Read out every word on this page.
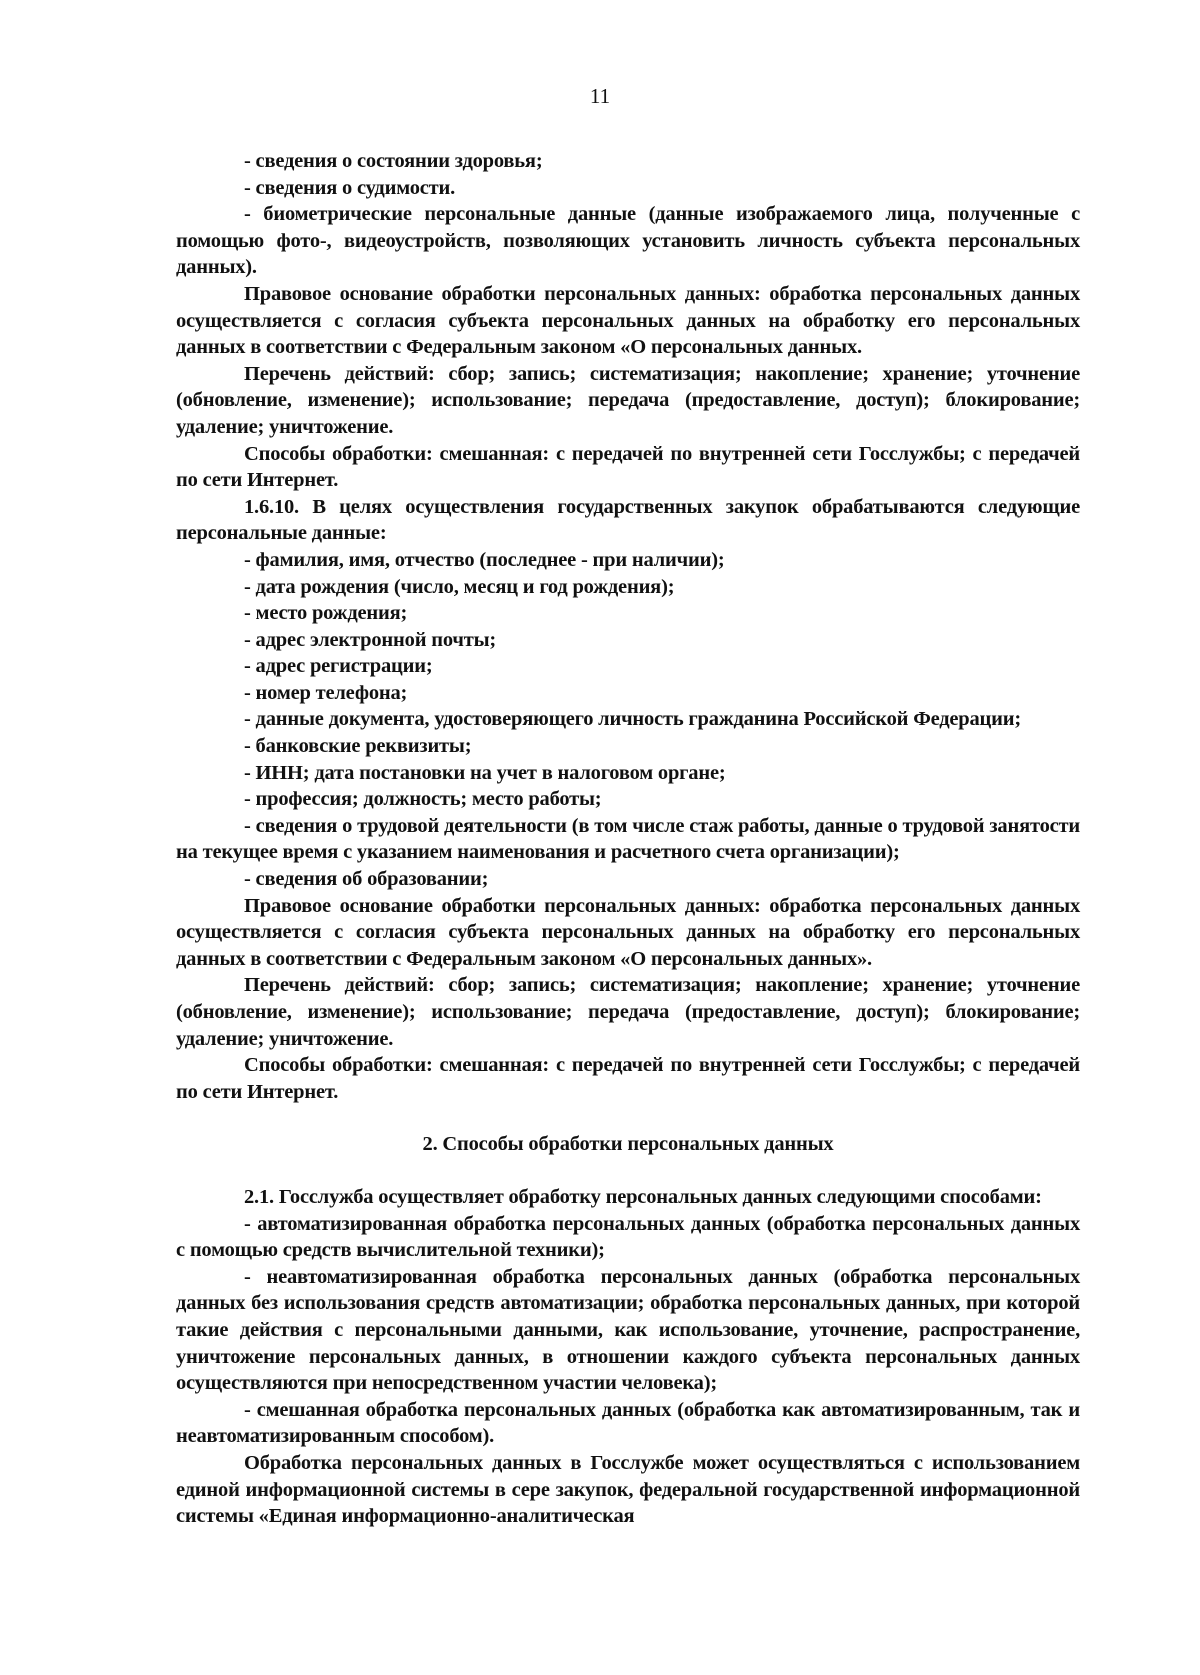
11

- сведения о состоянии здоровья;

- сведения о судимости.

- биометрические персональные данные (данные изображаемого лица, полученные с помощью фото-, видеоустройств, позволяющих установить личность субъекта персональных данных).

Правовое основание обработки персональных данных: обработка персональных данных осуществляется с согласия субъекта персональных данных на обработку его персональных данных в соответствии с Федеральным законом «О персональных данных.

Перечень действий: сбор; запись; систематизация; накопление; хранение; уточнение (обновление, изменение); использование; передача (предоставление, доступ); блокирование; удаление; уничтожение.

Способы обработки: смешанная: с передачей по внутренней сети Госслужбы; с передачей по сети Интернет.

1.6.10. В целях осуществления государственных закупок обрабатываются следующие персональные данные:

- фамилия, имя, отчество (последнее - при наличии);

- дата рождения (число, месяц и год рождения);

- место рождения;

- адрес электронной почты;

- адрес регистрации;

- номер телефона;

- данные документа, удостоверяющего личность гражданина Российской Федерации;

- банковские реквизиты;

- ИНН; дата постановки на учет в налоговом органе;

- профессия; должность; место работы;

- сведения о трудовой деятельности (в том числе стаж работы, данные о трудовой занятости на текущее время с указанием наименования и расчетного счета организации);

- сведения об образовании;

Правовое основание обработки персональных данных: обработка персональных данных осуществляется с согласия субъекта персональных данных на обработку его персональных данных в соответствии с Федеральным законом «О персональных данных».

Перечень действий: сбор; запись; систематизация; накопление; хранение; уточнение (обновление, изменение); использование; передача (предоставление, доступ); блокирование; удаление; уничтожение.

Способы обработки: смешанная: с передачей по внутренней сети Госслужбы; с передачей по сети Интернет.

2. Способы обработки персональных данных

2.1. Госслужба осуществляет обработку персональных данных следующими способами:

- автоматизированная обработка персональных данных (обработка персональных данных с помощью средств вычислительной техники);

- неавтоматизированная обработка персональных данных (обработка персональных данных без использования средств автоматизации; обработка персональных данных, при которой такие действия с персональными данными, как использование, уточнение, распространение, уничтожение персональных данных, в отношении каждого субъекта персональных данных осуществляются при непосредственном участии человека);

- смешанная обработка персональных данных (обработка как автоматизированным, так и неавтоматизированным способом).

Обработка персональных данных в Госслужбе может осуществляться с использованием единой информационной системы в сере закупок, федеральной государственной информационной системы «Единая информационно-аналитическая
